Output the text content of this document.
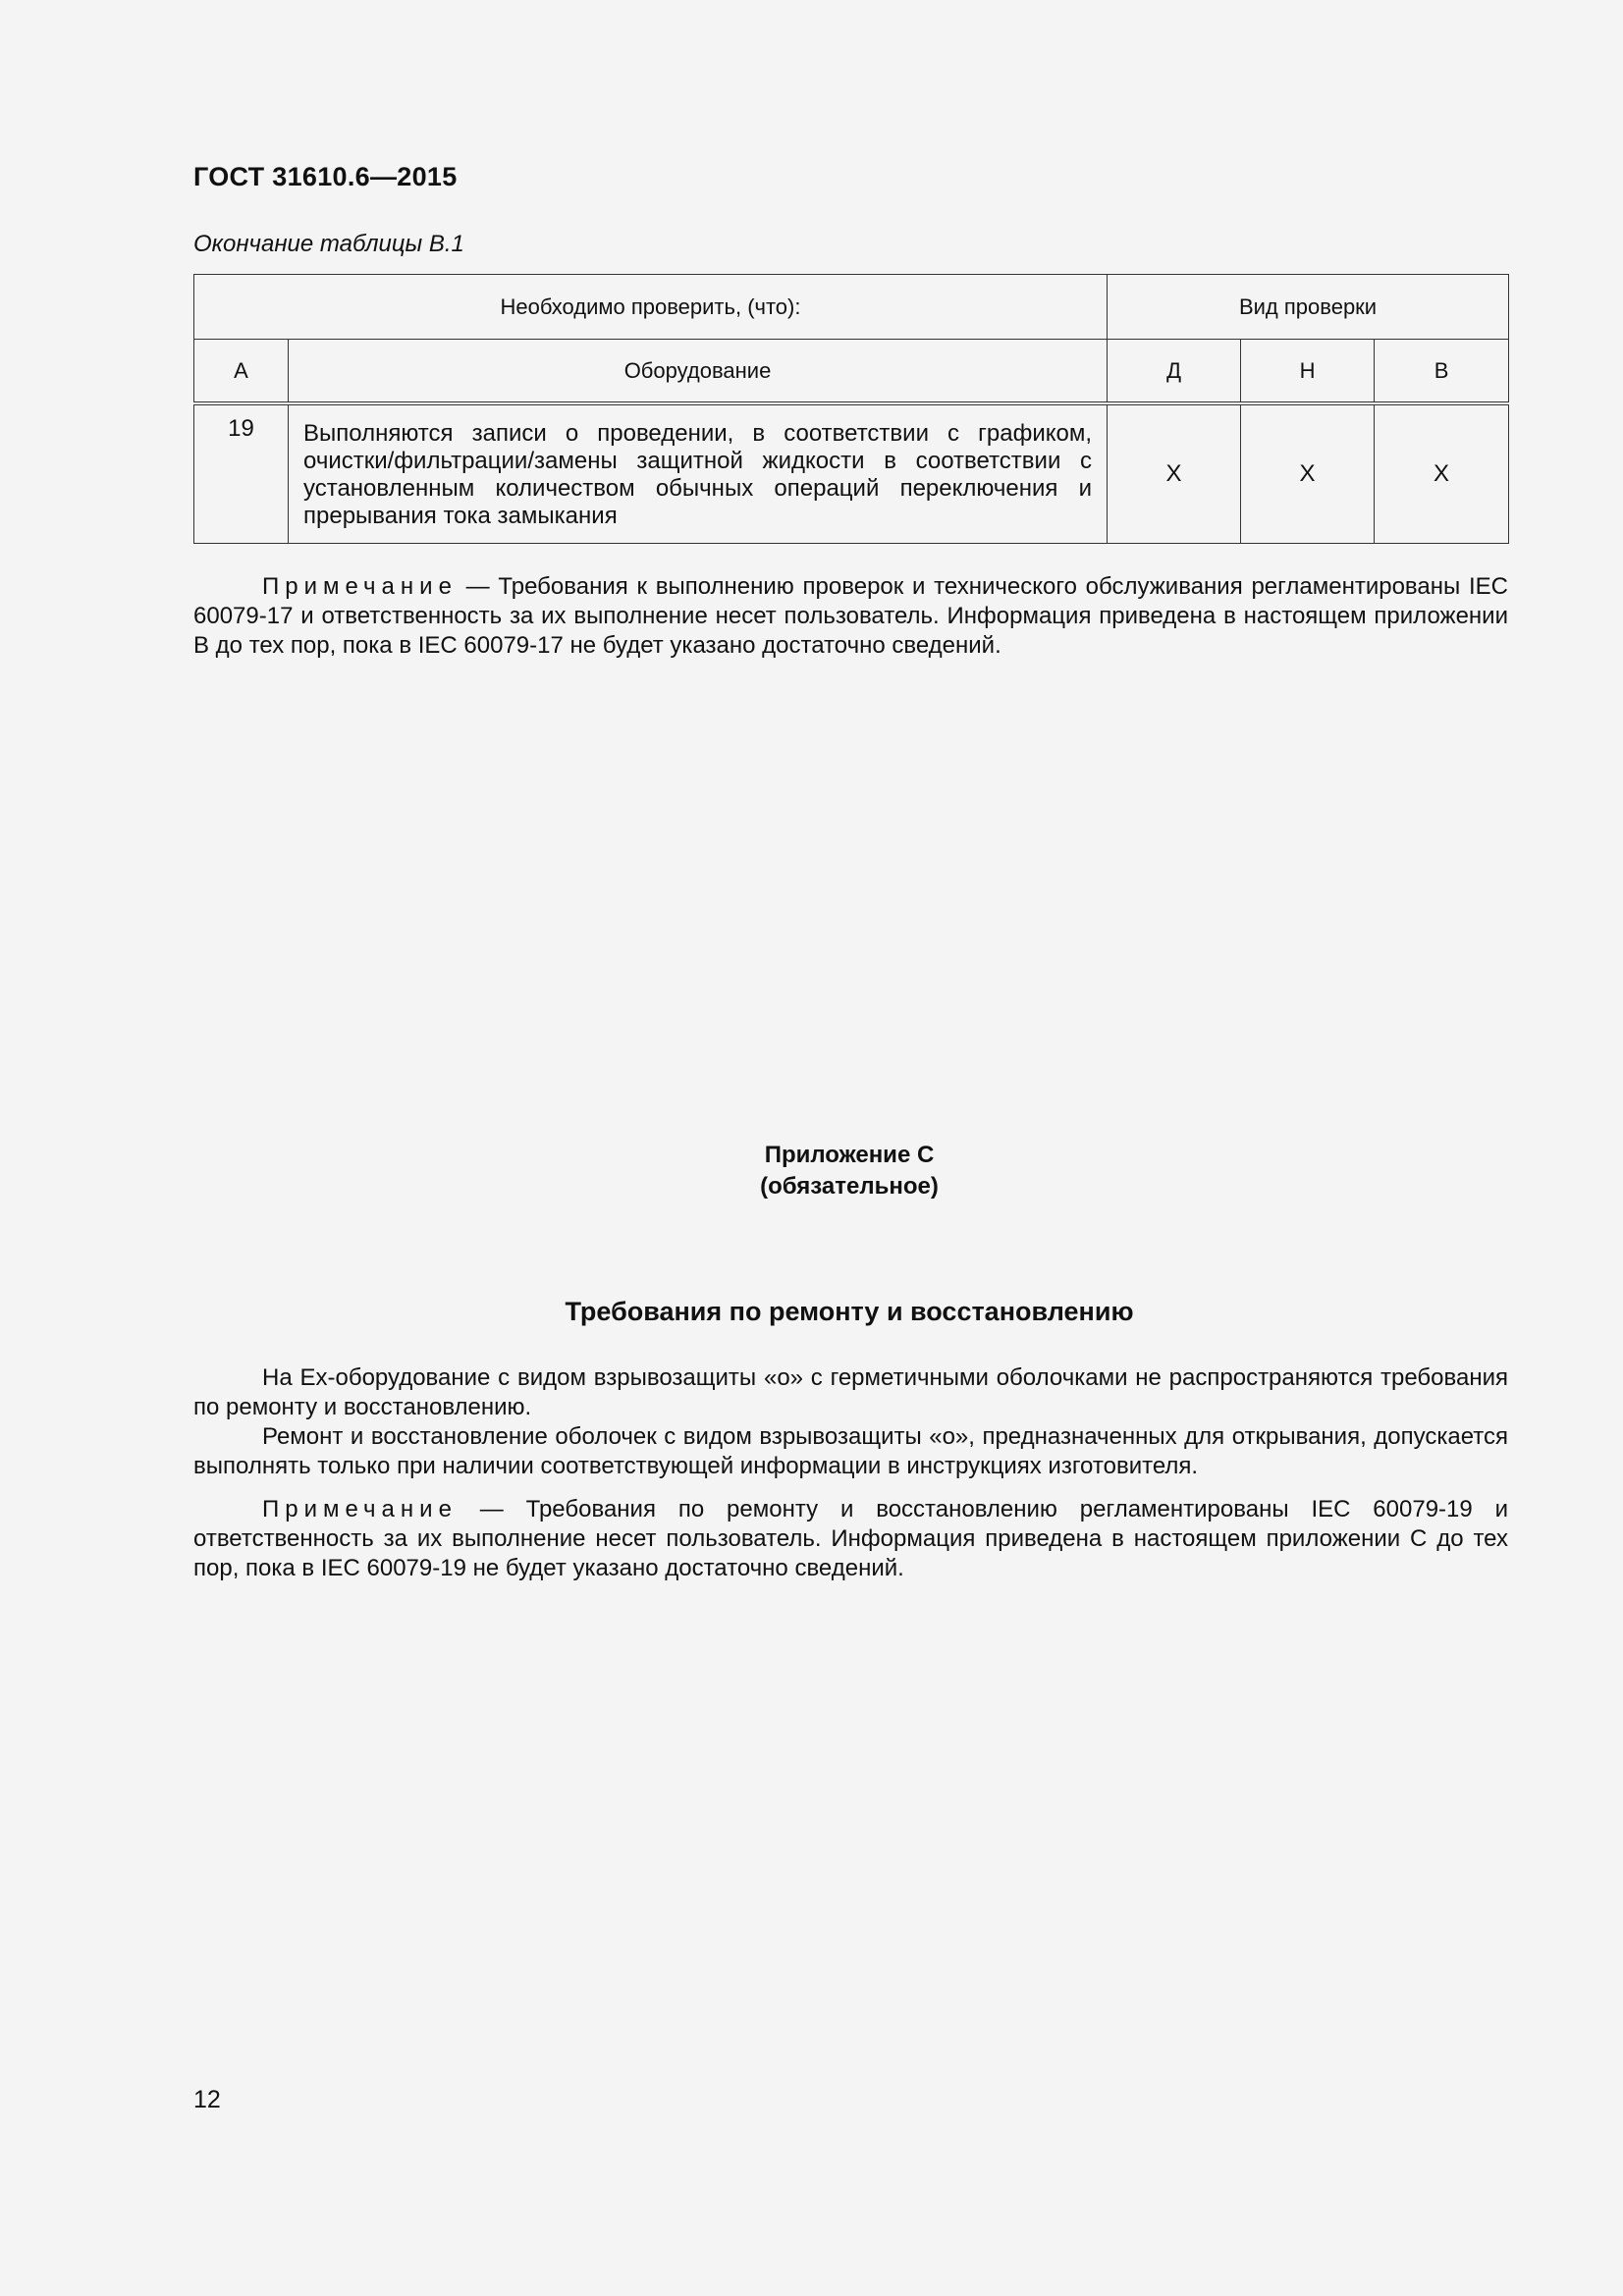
ГОСТ 31610.6—2015
Окончание таблицы В.1
Необходимо проверить, (что):		Вид проверки		
А	Оборудование	Д	Н	В
19	Выполняются записи о проведении, в соответствии с графиком, очистки/фильтрации/замены защитной жидкости в соответствии с установленным количеством обычных операций переключения и прерывания тока замыкания	Х	Х	Х
Примечание — Требования к выполнению проверок и технического обслуживания регламентированы IEC 60079-17 и ответственность за их выполнение несет пользователь. Информация приведена в настоящем приложении В до тех пор, пока в IEC 60079-17 не будет указано достаточно сведений.
Приложение С
(обязательное)
Требования по ремонту и восстановлению
На Ех-оборудование с видом взрывозащиты «о» с герметичными оболочками не распространяются требования по ремонту и восстановлению.
Ремонт и восстановление оболочек с видом взрывозащиты «о», предназначенных для открывания, допускается выполнять только при наличии соответствующей информации в инструкциях изготовителя.
Примечание — Требования по ремонту и восстановлению регламентированы IEC 60079-19 и ответственность за их выполнение несет пользователь. Информация приведена в настоящем приложении С до тех пор, пока в IEC 60079-19 не будет указано достаточно сведений.
12
